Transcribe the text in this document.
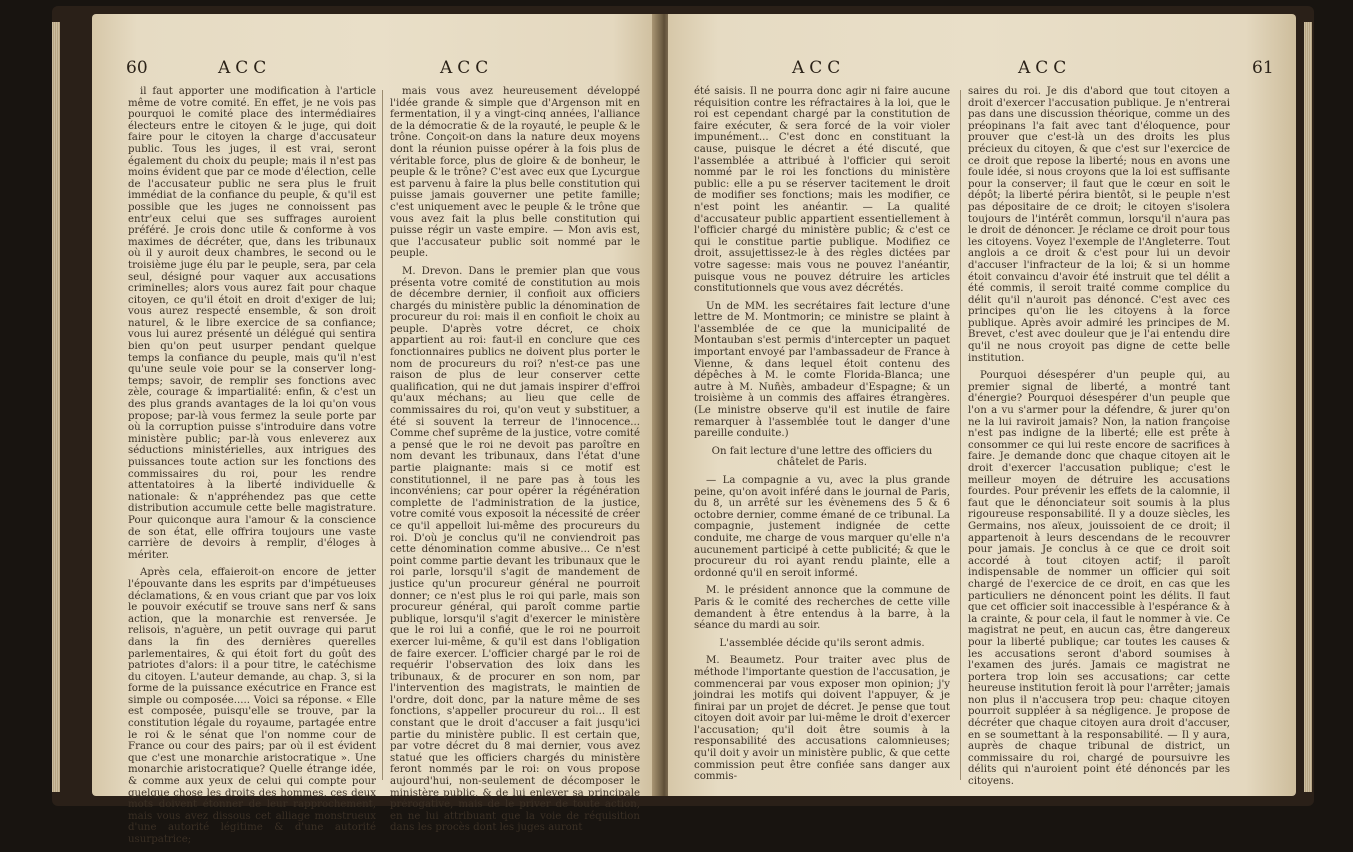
60	ACC	ACC

il faut apporter une modification à l'article même de votre comité. En effet, je ne vois pas pourquoi le comité place des intermédiaires électeurs entre le citoyen & le juge, qui doit faire pour le citoyen la charge d'accusateur public. Tous les juges, il est vrai, seront également du choix du peuple; mais il n'est pas moins évident que par ce mode d'élection, celle de l'accusateur public ne sera plus le fruit immédiat de la confiance du peuple, & qu'il est possible que les juges ne connoissent pas entr'eux celui que ses suffrages auroient préféré. Je crois donc utile & conforme à vos maximes de décréter, que, dans les tribunaux où il y auroit deux chambres, le second ou le troisième juge élu par le peuple, sera, par cela seul, désigné pour vaquer aux accusations criminelles; alors vous aurez fait pour chaque citoyen, ce qu'il étoit en droit d'exiger de lui; vous aurez respecté ensemble, & son droit naturel, & le libre exercice de sa confiance; vous lui aurez présenté un délégué qui sentira bien qu'on peut usurper pendant quelque temps la confiance du peuple, mais qu'il n'est qu'une seule voie pour se la conserver long-temps; savoir, de remplir ses fonctions avec zèle, courage & impartialité: enfin, & c'est un des plus grands avantages de la loi qu'on vous propose; par-là vous fermez la seule porte par où la corruption puisse s'introduire dans votre ministère public; par-là vous enleverez aux séductions ministérielles, aux intrigues des puissances toute action sur les fonctions des commissaires du roi, pour les rendre attentatoires à la liberté individuelle & nationale: & n'appréhendez pas que cette distribution accumule cette belle magistrature. Pour quiconque aura l'amour & la conscience de son état, elle offrira toujours une vaste carrière de devoirs à remplir, d'éloges à mériter.

Après cela, effaieroit-on encore de jetter l'épouvante dans les esprits par d'impétueuses déclamations, & en vous criant que par vos loix le pouvoir exécutif se trouve sans nerf & sans action, que la monarchie est renversée. Je relisois, n'aguère, un petit ouvrage qui parut dans la fin des dernières querelles parlementaires, & qui étoit fort du goût des patriotes d'alors: il a pour titre, le catéchisme du citoyen. L'auteur demande, au chap. 3, si la forme de la puissance exécutrice en France est simple ou composée..... Voici sa réponse. « Elle est composée, puisqu'elle se trouve, par la constitution légale du royaume, partagée entre le roi & le sénat que l'on nomme cour de France ou cour des pairs; par où il est évident que c'est une monarchie aristocratique ». Une monarchie aristocratique? Quelle étrange idée, & comme aux yeux de celui qui compte pour quelque chose les droits des hommes, ces deux mots doivent étonner de leur rapprochement, mais vous avez dissous cet alliage monstrueux d'une autorité légitime & d'une autorité usurpatrice;

mais vous avez heureusement développé l'idée grande & simple que d'Argenson mit en fermentation, il y a vingt-cinq années, l'alliance de la démocratie & de la royauté, le peuple & le trône. Conçoit-on dans la nature deux moyens dont la réunion puisse opérer à la fois plus de véritable force, plus de gloire & de bonheur, le peuple & le trône? C'est avec eux que Lycurgue est parvenu à faire la plus belle constitution qui puisse jamais gouverner une petite famille; c'est uniquement avec le peuple & le trône que vous avez fait la plus belle constitution qui puisse régir un vaste empire. — Mon avis est, que l'accusateur public soit nommé par le peuple.

M. Drevon. Dans le premier plan que vous présenta votre comité de constitution au mois de décembre dernier, il confioit aux officiers chargés du ministère public la dénomination de procureur du roi: mais il en confioit le choix au peuple. D'après votre décret, ce choix appartient au roi: faut-il en conclure que ces fonctionnaires publics ne doivent plus porter le nom de procureurs du roi? n'est-ce pas une raison de plus de leur conserver cette qualification, qui ne dut jamais inspirer d'effroi qu'aux méchans; au lieu que celle de commissaires du roi, qu'on veut y substituer, a été si souvent la terreur de l'innocence... Comme chef suprême de la justice, votre comité a pensé que le roi ne devoit pas paroître en nom devant les tribunaux, dans l'état d'une partie plaignante: mais si ce motif est constitutionnel, il ne pare pas à tous les inconvéniens; car pour opérer la régénération complette de l'administration de la justice, votre comité vous exposoit la nécessité de créer ce qu'il appelloit lui-même des procureurs du roi. D'où je conclus qu'il ne conviendroit pas cette dénomination comme abusive... Ce n'est point comme partie devant les tribunaux que le roi parle, lorsqu'il s'agit de mandement de justice qu'un procureur général ne pourroit donner; ce n'est plus le roi qui parle, mais son procureur général, qui paroît comme partie publique, lorsqu'il s'agit d'exercer le ministère que le roi lui a confié, que le roi ne pourroit exercer lui-même, & qu'il est dans l'obligation de faire exercer. L'officier chargé par le roi de requérir l'observation des loix dans les tribunaux, & de procurer en son nom, par l'intervention des magistrats, le maintien de l'ordre, doit donc, par la nature même de ses fonctions, s'appeller procureur du roi... Il est constant que le droit d'accuser a fait jusqu'ici partie du ministère public. Il est certain que, par votre décret du 8 mai dernier, vous avez statué que les officiers chargés du ministère feront nommés par le roi: on vous propose aujourd'hui, non-seulement de décomposer le ministère public, & de lui enlever sa principale prérogative, mais de le priver de toute action, en ne lui attribuant que la voie de réquisition dans les procès dont les juges auront

ACC	ACC	61

été saisis. Il ne pourra donc agir ni faire aucune réquisition contre les réfractaires à la loi, que le roi est cependant chargé par la constitution de faire exécuter, & sera forcé de la voir violer impunément... C'est donc en constituant la cause, puisque le décret a été discuté, que l'assemblée a attribué à l'officier qui seroit nommé par le roi les fonctions du ministère public: elle a pu se réserver tacitement le droit de modifier ses fonctions; mais les modifier, ce n'est point les anéantir. — La qualité d'accusateur public appartient essentiellement à l'officier chargé du ministère public; & c'est ce qui le constitue partie publique. Modifiez ce droit, assujettissez-le à des règles dictées par votre sagesse: mais vous ne pouvez l'anéantir, puisque vous ne pouvez détruire les articles constitutionnels que vous avez décrétés.

Un de MM. les secrétaires fait lecture d'une lettre de M. Montmorin; ce ministre se plaint à l'assemblée de ce que la municipalité de Montauban s'est permis d'intercepter un paquet important envoyé par l'ambassadeur de France à Vienne, & dans lequel étoit contenu des dépêches à M. le comte Florida-Blanca; une autre à M. Nuñès, ambadeur d'Espagne; & un troisième à un commis des affaires étrangères. (Le ministre observe qu'il est inutile de faire remarquer à l'assemblée tout le danger d'une pareille conduite.)

On fait lecture d'une lettre des officiers du châtelet de Paris.

— La compagnie a vu, avec la plus grande peine, qu'on avoit inféré dans le journal de Paris, du 8, un arrêté sur les évènemens des 5 & 6 octobre dernier, comme émané de ce tribunal. La compagnie, justement indignée de cette conduite, me charge de vous marquer qu'elle n'a aucunement participé à cette publicité; & que le procureur du roi ayant rendu plainte, elle a ordonné qu'il en seroit informé.

M. le président annonce que la commune de Paris & le comité des recherches de cette ville demandent à être entendus à la barre, à la séance du mardi au soir.

L'assemblée décide qu'ils seront admis.

M. Beaumetz. Pour traiter avec plus de méthode l'importante question de l'accusation, je commencerai par vous exposer mon opinion; j'y joindrai les motifs qui doivent l'appuyer, & je finirai par un projet de décret. Je pense que tout citoyen doit avoir par lui-même le droit d'exercer l'accusation; qu'il doit être soumis à la responsabilité des accusations calomnieuses; qu'il doit y avoir un ministère public, & que cette commission peut être confiée sans danger aux commis-

saires du roi. Je dis d'abord que tout citoyen a droit d'exercer l'accusation publique. Je n'entrerai pas dans une discussion théorique, comme un des préopinans l'a fait avec tant d'éloquence, pour prouver que c'est-là un des droits les plus précieux du citoyen, & que c'est sur l'exercice de ce droit que repose la liberté; nous en avons une foule idée, si nous croyons que la loi est suffisante pour la conserver; il faut que le cœur en soit le dépôt; la liberté périra bientôt, si le peuple n'est pas dépositaire de ce droit; le citoyen s'isolera toujours de l'intérêt commun, lorsqu'il n'aura pas le droit de dénoncer. Je réclame ce droit pour tous les citoyens. Voyez l'exemple de l'Angleterre. Tout anglois a ce droit & c'est pour lui un devoir d'accuser l'infracteur de la loi; & si un homme étoit convaincu d'avoir été instruit que tel délit a été commis, il seroit traité comme complice du délit qu'il n'auroit pas dénoncé. C'est avec ces principes qu'on lie les citoyens à la force publique. Après avoir admiré les principes de M. Brevet, c'est avec douleur que je l'ai entendu dire qu'il ne nous croyoit pas digne de cette belle institution.

Pourquoi désespérer d'un peuple qui, au premier signal de liberté, a montré tant d'énergie? Pourquoi désespérer d'un peuple que l'on a vu s'armer pour la défendre, & jurer qu'on ne la lui raviroit jamais? Non, la nation françoise n'est pas indigne de la liberté; elle est prête à consommer ce qui lui reste encore de sacrifices à faire. Je demande donc que chaque citoyen ait le droit d'exercer l'accusation publique; c'est le meilleur moyen de détruire les accusations fourdes. Pour prévenir les effets de la calomnie, il faut que le dénonciateur soit soumis à la plus rigoureuse responsabilité. Il y a douze siècles, les Germains, nos aïeux, jouissoient de ce droit; il appartenoit à leurs descendans de le recouvrer pour jamais. Je conclus à ce que ce droit soit accordé à tout citoyen actif; il paroît indispensable de nommer un officier qui soit chargé de l'exercice de ce droit, en cas que les particuliers ne dénoncent point les délits. Il faut que cet officier soit inaccessible à l'espérance & à la crainte, & pour cela, il faut le nommer à vie. Ce magistrat ne peut, en aucun cas, être dangereux pour la liberté publique; car toutes les causes & les accusations seront d'abord soumises à l'examen des jurés. Jamais ce magistrat ne portera trop loin ses accusations; car cette heureuse institution feroit là pour l'arrêter; jamais non plus il n'accusera trop peu: chaque citoyen pourroit suppléer à sa négligence. Je propose de décréter que chaque citoyen aura droit d'accuser, en se soumettant à la responsabilité. — Il y aura, auprès de chaque tribunal de district, un commissaire du roi, chargé de poursuivre les délits qui n'auroient point été dénoncés par les citoyens.
